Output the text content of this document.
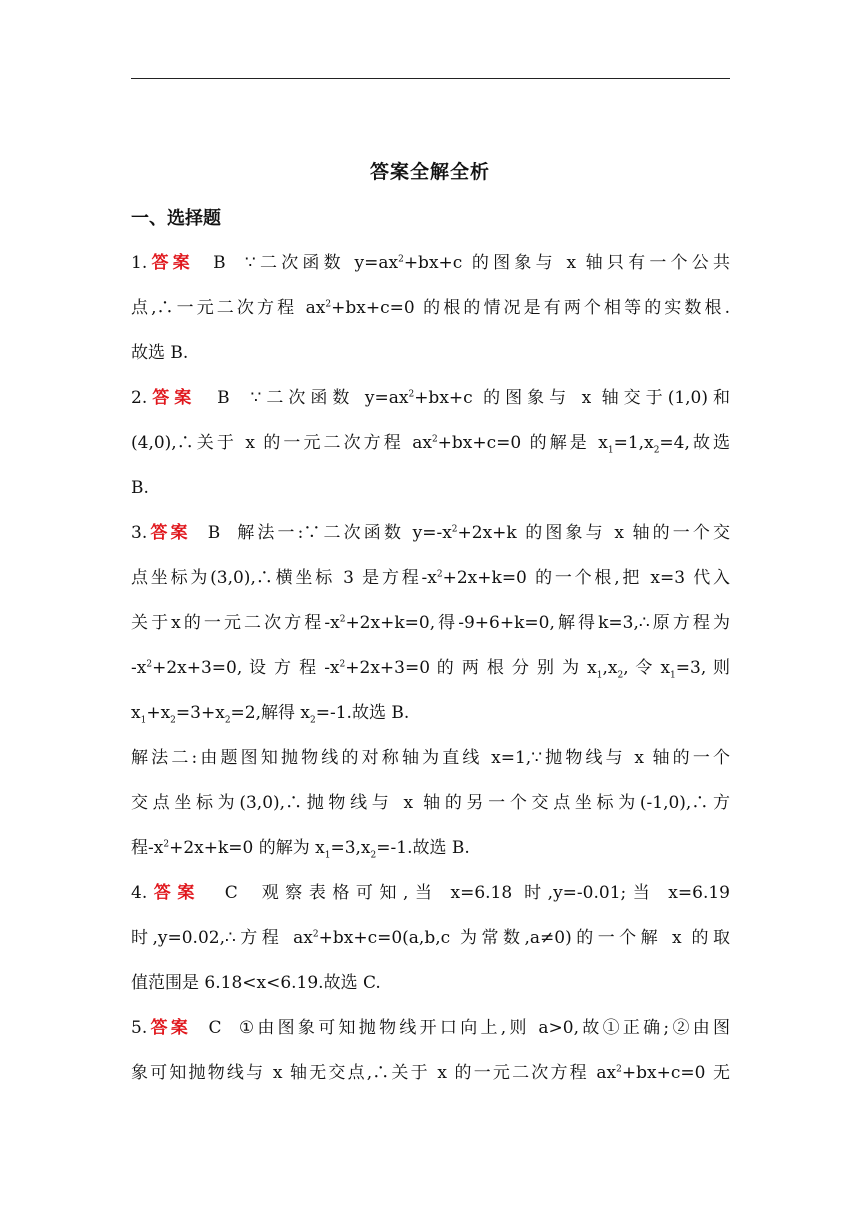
答案全解全析
一、选择题
1.答案  B  ∵二次函数 $y=ax^2+bx+c$ 的图象与 x 轴只有一个公共
点,∴一元二次方程 $ax^2+bx+c=0$ 的根的情况是有两个相等的实数根.
故选 B.
2.答案  B  ∵二次函数 $y=ax^2+bx+c$ 的图象与 x 轴交于(1,0)和
(4,0),∴关于 x 的一元二次方程 $ax^2+bx+c=0$ 的解是 $x_1=1,x_2=4$,故选
B.
3.答案  B  解法一:∵二次函数 $y=-x^2+2x+k$ 的图象与 x 轴的一个交
点坐标为(3,0),∴横坐标 3 是方程$-x^2+2x+k=0$ 的一个根,把 x=3 代入
关于x的一元二次方程$-x^2+2x+k=0$,得-9+6+k=0,解得k=3,∴原方程为
$-x^2+2x+3=0$, 设 方 程 $-x^2+2x+3=0$ 的 两 根 分 别 为 $x_1,x_2$, 令 $x_1=3$, 则
$x_1+x_2=3+x_2=2$,解得 $x_2=-1$.故选 B.
解法二:由题图知抛物线的对称轴为直线 x=1,∵抛物线与 x 轴的一个
交点坐标为(3,0),∴抛物线与 x 轴的另一个交点坐标为(-1,0),∴方
程$-x^2+2x+k=0$ 的解为 $x_1=3,x_2=-1$.故选 B.
4.答案  C  观察表格可知,当 x=6.18 时,y=-0.01;当 x=6.19
时,y=0.02,∴方程 $ax^2+bx+c=0(a,b,c$ 为常数,a≠0)的一个解 x 的取
值范围是 6.18<x<6.19.故选 C.
5.答案  C  ①由图象可知抛物线开口向上,则 a>0,故①正确;②由图
象可知抛物线与 x 轴无交点,∴关于 x 的一元二次方程 $ax^2+bx+c=0$ 无
